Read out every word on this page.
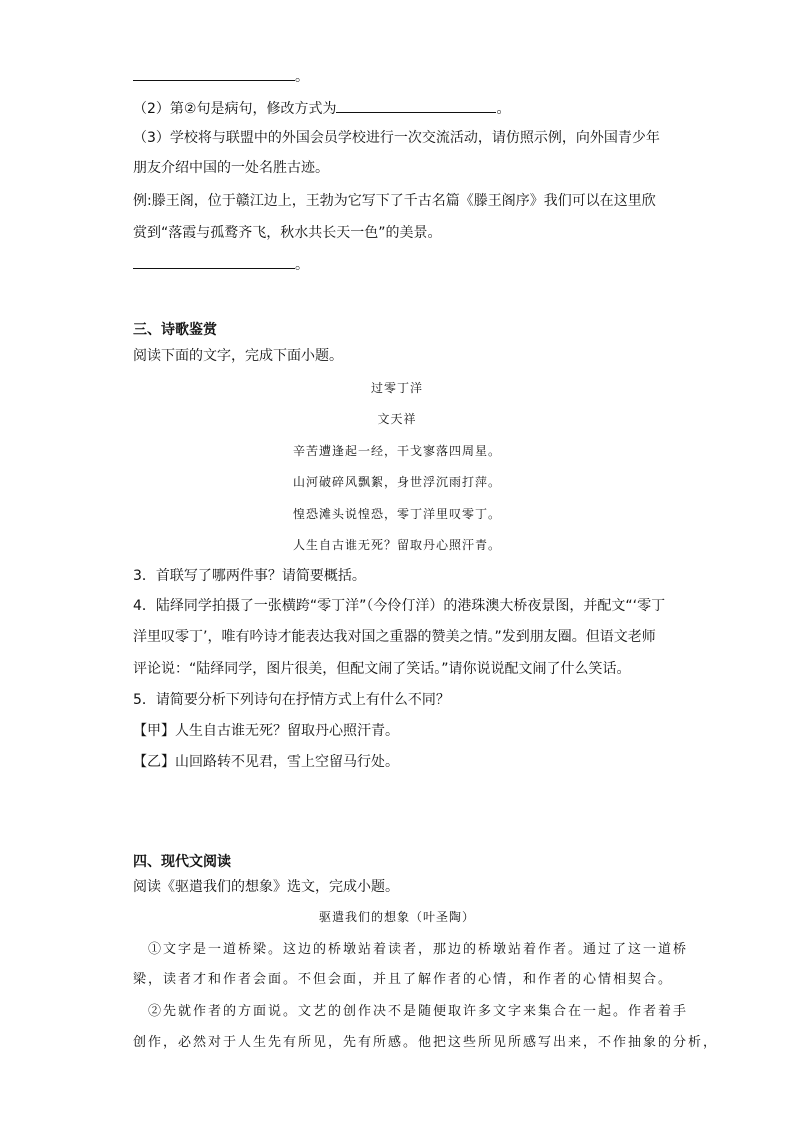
。
（2）第②句是病句，修改方式为	。
（3）学校将与联盟中的外国会员学校进行一次交流活动，请仿照示例，向外国青少年
朋友介绍中国的一处名胜古迹。
例:滕王阁，位于赣江边上，王勃为它写下了千古名篇《滕王阁序》我们可以在这里欣
赏到“落霞与孤鹜齐飞，秋水共长天一色”的美景。
。
三、诗歌鉴赏
阅读下面的文字，完成下面小题。
过零丁洋
文天祥
辛苦遭逢起一经，干戈寥落四周星。
山河破碎风飘絮，身世浮沉雨打萍。
惶恐滩头说惶恐，零丁洋里叹零丁。
人生自古谁无死？留取丹心照汗青。
3．首联写了哪两件事？请简要概括。
4．陆绎同学拍摄了一张横跨“零丁洋”（今伶仃洋）的港珠澳大桥夜景图，并配文“‘零丁
洋里叹零丁’，唯有吟诗才能表达我对国之重器的赞美之情。”发到朋友圈。但语文老师
评论说：“陆绎同学，图片很美，但配文闹了笑话。”请你说说配文闹了什么笑话。
5．请简要分析下列诗句在抒情方式上有什么不同？
【甲】人生自古谁无死？留取丹心照汗青。
【乙】山回路转不见君，雪上空留马行处。
四、现代文阅读
阅读《驱遣我们的想象》选文，完成小题。
驱遣我们的想象（叶圣陶）
①文字是一道桥梁。这边的桥墩站着读者，那边的桥墩站着作者。通过了这一道桥
梁，读者才和作者会面。不但会面，并且了解作者的心情，和作者的心情相契合。
②先就作者的方面说。文艺的创作决不是随便取许多文字来集合在一起。作者着手
创作，必然对于人生先有所见，先有所感。他把这些所见所感写出来，不作抽象的分析，
